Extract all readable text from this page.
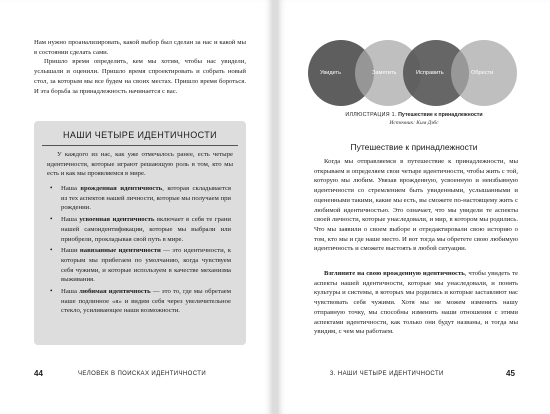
Нам нужно проанализировать, какой выбор был сделан за нас и какой мы в состоянии сделать сами.

Пришло время определить, кем мы хотим, чтобы нас увидели, услышали и оценили. Пришло время спроектировать и собрать новый стол, за которым мы все будем на своих местах. Пришло время бороться. И эта борьба за принадлежность начинается с вас.

НАШИ ЧЕТЫРЕ ИДЕНТИЧНОСТИ

У каждого из нас, как уже отмечалось ранее, есть четыре идентичности, которые играют решающую роль в том, кто мы есть и как мы проявляемся в мире.

• Наша врожденная идентичность, которая складывается из тех аспектов нашей личности, которые мы получаем при рождении.
• Наша усвоенная идентичность включает в себя те грани нашей самоидентификации, которые мы выбрали или приобрели, прокладывая свой путь в мире.
• Наши навязанные идентичности — это идентичности, к которым мы прибегаем по умолчанию, когда чувствуем себя чужими, и которые используем в качестве механизма выживания.
• Наша любимая идентичность — это то, где мы обретаем наше подлинное «я» и видим себя через увеличительное стекло, усиливающее наши возможности.
44	ЧЕЛОВЕК В ПОИСКАХ ИДЕНТИЧНОСТИ
Увидеть	Заметить	Исправить	Обрести
ИЛЛЮСТРАЦИЯ 1. Путешествие к принадлежности
Источник: Ким Дэбс
Путешествие к принадлежности

Когда мы отправляемся в путешествие к принадлежности, мы открываем и определяем свои четыре идентичности, чтобы жить с той, которую мы любим. Увязав врожденную, усвоенную и неизбывную идентичности со стремлением быть увиденными, услышанными и оцененными такими, какие мы есть, вы сможете по-настоящему жить с любимой идентичностью. Это означает, что мы увидели те аспекты своей личности, которые унаследовали, и мир, в котором мы родились. Что мы заявили о своем выборе и отредактировали свою историю о том, кто мы и где наше место. И вот тогда мы обретете свою любимую идентичность и сможете выстоять в любой ситуации.

Взгляните на свою врожденную идентичность, чтобы увидеть те аспекты нашей идентичности, которые мы унаследовали, и понять культуры и системы, в которых мы родились и которые заставляют нас чувствовать себя чужими. Хотя мы не можем изменить нашу отправную точку, мы способны изменить наши отношения с этими аспектами идентичности, как только они будут названы, и тогда мы увидим, с чем мы работаем.

3. НАШИ ЧЕТЫРЕ ИДЕНТИЧНОСТИ	45
